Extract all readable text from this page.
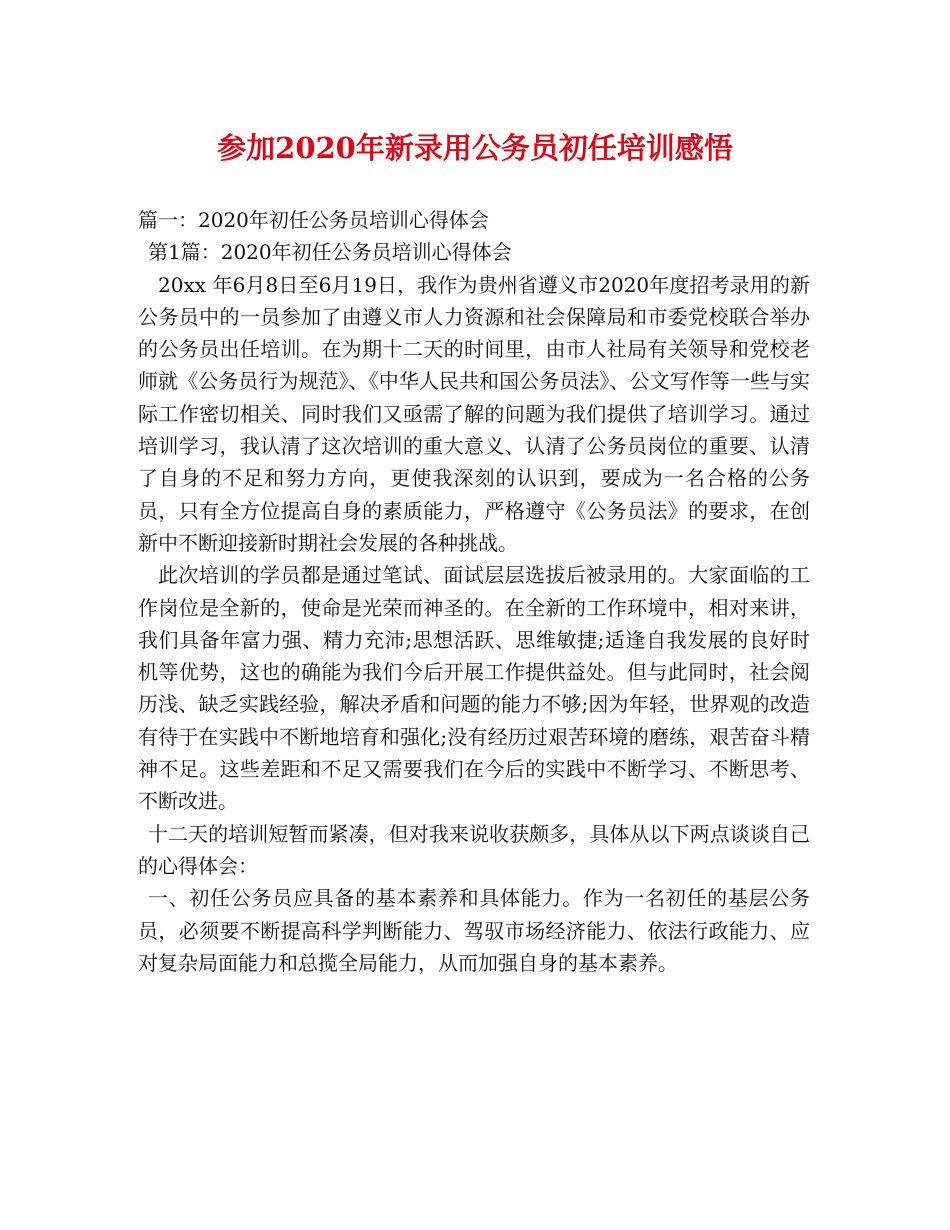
参加2020年新录用公务员初任培训感悟

篇一：2020年初任公务员培训心得体会

第1篇：2020年初任公务员培训心得体会

20xx 年6月8日至6月19日，我作为贵州省遵义市2020年度招考录用的新公务员中的一员参加了由遵义市人力资源和社会保障局和市委党校联合举办的公务员出任培训。在为期十二天的时间里，由市人社局有关领导和党校老师就《公务员行为规范》、《中华人民共和国公务员法》、公文写作等一些与实际工作密切相关、同时我们又亟需了解的问题为我们提供了培训学习。通过培训学习，我认清了这次培训的重大意义、认清了公务员岗位的重要、认清了自身的不足和努力方向，更使我深刻的认识到，要成为一名合格的公务员，只有全方位提高自身的素质能力，严格遵守《公务员法》的要求，在创新中不断迎接新时期社会发展的各种挑战。

此次培训的学员都是通过笔试、面试层层选拔后被录用的。大家面临的工作岗位是全新的，使命是光荣而神圣的。在全新的工作环境中，相对来讲，我们具备年富力强、精力充沛;思想活跃、思维敏捷;适逢自我发展的良好时机等优势，这也的确能为我们今后开展工作提供益处。但与此同时，社会阅历浅、缺乏实践经验，解决矛盾和问题的能力不够;因为年轻，世界观的改造有待于在实践中不断地培育和强化;没有经历过艰苦环境的磨练，艰苦奋斗精神不足。这些差距和不足又需要我们在今后的实践中不断学习、不断思考、不断改进。

十二天的培训短暂而紧凑，但对我来说收获颇多，具体从以下两点谈谈自己的心得体会：

一、初任公务员应具备的基本素养和具体能力。作为一名初任的基层公务员，必须要不断提高科学判断能力、驾驭市场经济能力、依法行政能力、应对复杂局面能力和总揽全局能力，从而加强自身的基本素养。
